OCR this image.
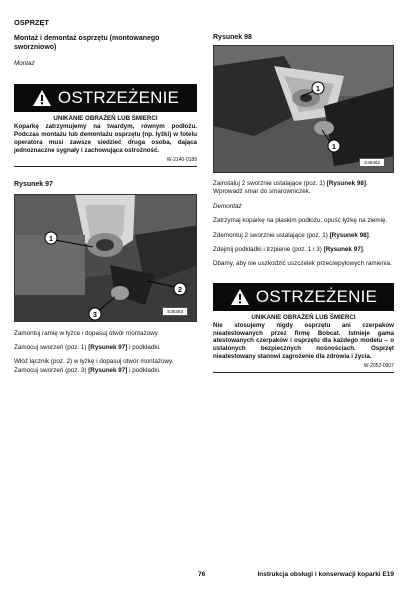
OSPRZĘT
Montaż i demontaż osprzętu (montowanego sworzniowo)
Montaż
OSTRZEŻENIE
UNIKANIE OBRAŻEŃ LUB ŚMIERCI
Koparkę zatrzymujemy na twardym, równym podłożu. Podczas montażu lub demontażu osprzętu (np. łyżki) w fotelu operatora musi zawsze siedzieć druga osoba, dająca jednoznaczne sygnały i zachowująca ostrożność.
W-2140-0189
Rysunek 97
1
2
3
S35363
Zamontuj ramię w łyżce i dopasuj otwór montażowy.
Zamocuj sworzeń (poz. 1) [Rysunek 97] i podkładki.
Włóż łącznik (poz. 2) w łyżkę i dopasuj otwór montażowy. Zamocuj sworzeń (poz. 3) [Rysunek 97] i podkładki.
Rysunek 98
1
1
S35362
Zainstaluj 2 sworznie ustalające (poz. 1) [Rysunek 98]. Wprowadź smar do smarowniczek.
Demontaż
Zatrzymaj koparkę na płaskim podłożu, opuść łyżkę na ziemię.
Zdemontuj 2 sworznie ustalające (poz. 1) [Rysunek 98].
Zdejmij podkładki i trzpienie (poz. 1 i 3) [Rysunek 97].
Dbamy, aby nie uszkodzić uszczelek przeciwpyłowych ramienia.
OSTRZEŻENIE
UNIKANIE OBRAŻEŃ LUB ŚMIERCI
Nie stosujemy nigdy osprzętu ani czerpaków nieatestowanych przez firmę Bobcat. Istnieje gama atestowanych czerpaków i osprzętu dla każdego modelu – o ustalonych bezpiecznych nośnościach. Osprzęt nieatestowany stanowi zagrożenie dla zdrowia i życia.
W-2052-0907
76	Instrukcja obsługi i konserwacji koparki E19
